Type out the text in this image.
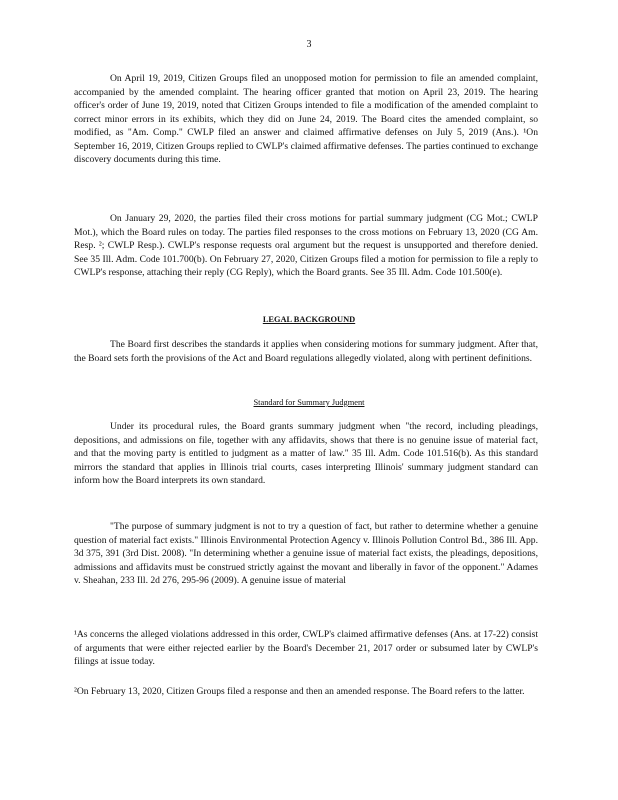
3

On April 19, 2019, Citizen Groups filed an unopposed motion for permission to file an amended complaint, accompanied by the amended complaint. The hearing officer granted that motion on April 23, 2019. The hearing officer's order of June 19, 2019, noted that Citizen Groups intended to file a modification of the amended complaint to correct minor errors in its exhibits, which they did on June 24, 2019. The Board cites the amended complaint, so modified, as "Am. Comp." CWLP filed an answer and claimed affirmative defenses on July 5, 2019 (Ans.). ¹On September 16, 2019, Citizen Groups replied to CWLP's claimed affirmative defenses. The parties continued to exchange discovery documents during this time.

On January 29, 2020, the parties filed their cross motions for partial summary judgment (CG Mot.; CWLP Mot.), which the Board rules on today. The parties filed responses to the cross motions on February 13, 2020 (CG Am. Resp. ²; CWLP Resp.). CWLP's response requests oral argument but the request is unsupported and therefore denied. See 35 Ill. Adm. Code 101.700(b). On February 27, 2020, Citizen Groups filed a motion for permission to file a reply to CWLP's response, attaching their reply (CG Reply), which the Board grants. See 35 Ill. Adm. Code 101.500(e).

LEGAL BACKGROUND

The Board first describes the standards it applies when considering motions for summary judgment. After that, the Board sets forth the provisions of the Act and Board regulations allegedly violated, along with pertinent definitions.

Standard for Summary Judgment

Under its procedural rules, the Board grants summary judgment when "the record, including pleadings, depositions, and admissions on file, together with any affidavits, shows that there is no genuine issue of material fact, and that the moving party is entitled to judgment as a matter of law." 35 Ill. Adm. Code 101.516(b). As this standard mirrors the standard that applies in Illinois trial courts, cases interpreting Illinois' summary judgment standard can inform how the Board interprets its own standard.

"The purpose of summary judgment is not to try a question of fact, but rather to determine whether a genuine question of material fact exists." Illinois Environmental Protection Agency v. Illinois Pollution Control Bd., 386 Ill. App. 3d 375, 391 (3rd Dist. 2008). "In determining whether a genuine issue of material fact exists, the pleadings, depositions, admissions and affidavits must be construed strictly against the movant and liberally in favor of the opponent." Adames v. Sheahan, 233 Ill. 2d 276, 295-96 (2009). A genuine issue of material

¹As concerns the alleged violations addressed in this order, CWLP's claimed affirmative defenses (Ans. at 17-22) consist of arguments that were either rejected earlier by the Board's December 21, 2017 order or subsumed later by CWLP's filings at issue today.

²On February 13, 2020, Citizen Groups filed a response and then an amended response. The Board refers to the latter.
